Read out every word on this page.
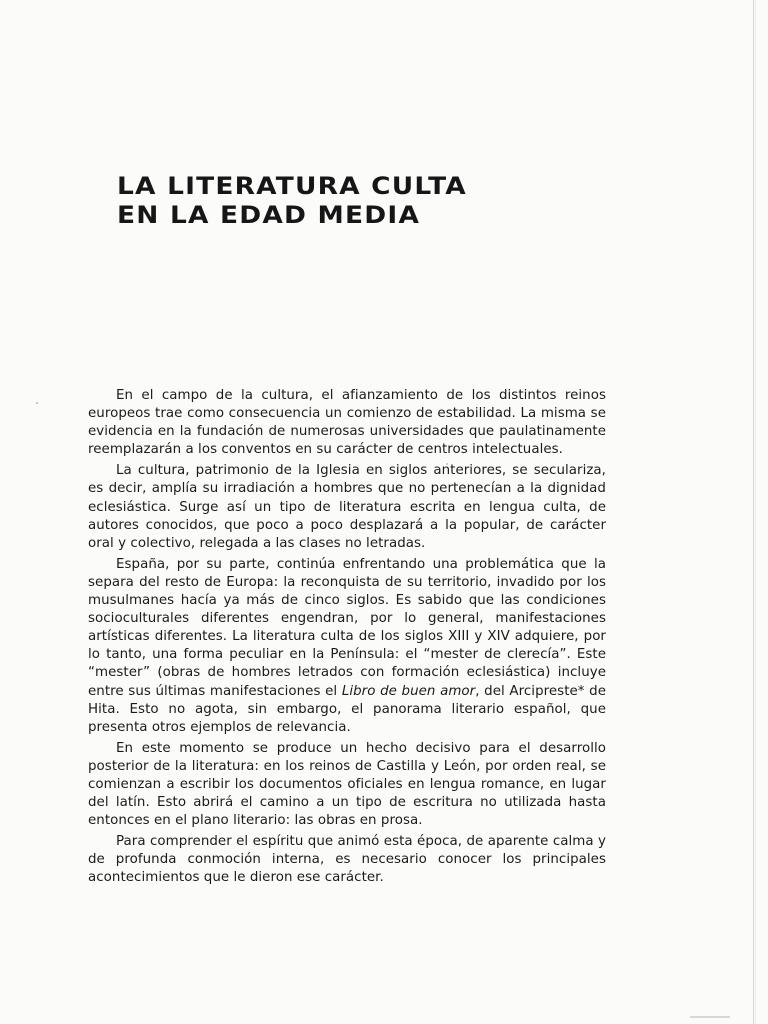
LA LITERATURA CULTA
EN LA EDAD MEDIA

En el campo de la cultura, el afianzamiento de los distintos reinos europeos trae como consecuencia un comienzo de estabilidad. La misma se evidencia en la fundación de numerosas universidades que paulatinamente reemplazarán a los conventos en su carácter de centros intelectuales.

La cultura, patrimonio de la Iglesia en siglos anteriores, se seculariza, es decir, amplía su irradiación a hombres que no pertenecían a la dignidad eclesiástica. Surge así un tipo de literatura escrita en lengua culta, de autores conocidos, que poco a poco desplazará a la popular, de carácter oral y colectivo, relegada a las clases no letradas.

España, por su parte, continúa enfrentando una problemática que la separa del resto de Europa: la reconquista de su territorio, invadido por los musulmanes hacía ya más de cinco siglos. Es sabido que las condiciones socioculturales diferentes engendran, por lo general, manifestaciones artísticas diferentes. La literatura culta de los siglos XIII y XIV adquiere, por lo tanto, una forma peculiar en la Península: el “mester de clerecía”. Este “mester” (obras de hombres letrados con formación eclesiástica) incluye entre sus últimas manifestaciones el Libro de buen amor, del Arcipreste* de Hita. Esto no agota, sin embargo, el panorama literario español, que presenta otros ejemplos de relevancia.

En este momento se produce un hecho decisivo para el desarrollo posterior de la literatura: en los reinos de Castilla y León, por orden real, se comienzan a escribir los documentos oficiales en lengua romance, en lugar del latín. Esto abrirá el camino a un tipo de escritura no utilizada hasta entonces en el plano literario: las obras en prosa.

Para comprender el espíritu que animó esta época, de aparente calma y de profunda conmoción interna, es necesario conocer los principales acontecimientos que le dieron ese carácter.
